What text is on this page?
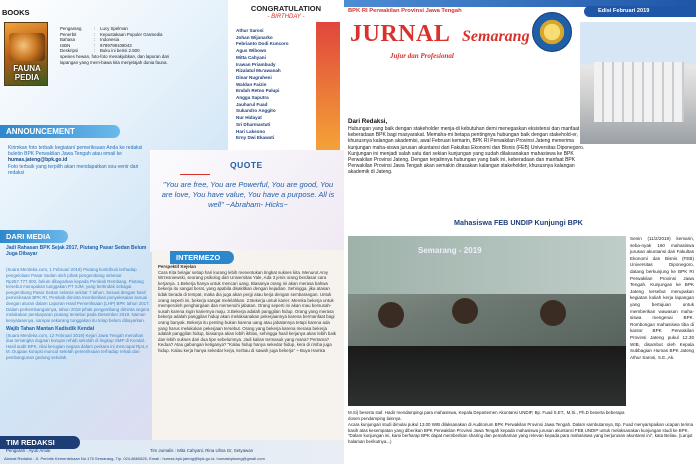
BOOKS
FAUNA PEDIA
Pengarang	:	Lucy Spelman
Penerbit	:	Kepustakaan Populer Gramedia
Bahasa	:	Indonesia
ISBN	:	9789799108043
Deskripsi	:	Buku ini berisi 2.500
spesies hewan, foto-foto menakjubkan, dan laporan dari lapangan yang mem-bawa kita menjelajah dunia fauna.
ANNOUNCEMENT
Kirimkan foto terbaik kegiatan/ pemeriksaan Anda ke redaksi buletin BPK Perwakilan Jawa Tengah atau email ke humas.jateng@bpk.go.id
Foto terbaik yang terpilih akan mendapatkan sou-venir dari redaksi
DARI MEDIA
Jadi Rahasan BPK Sejak 2017, Piutang Pasar Sedan Belum Juga Dibayar
(Suara Merdeka.com, 1 Februari 2019) Piutang kontribusi terhadap pengelolaan Pasar Sedan oleh pihak pengembang sebesar Rp257.777.000, belum dibayarkan kepada Pemkab Rembang. Piutang tersebut merupakan tunggakan PT SJM, yang bertindak sebagai pengembang Pasar Sedan selama sekitar 7 tahun. Sesuai dengan hasil pemeriksaan BPK RI, Pemkab diminta memberikan penyelesaian sesuai dengan aturan dalam Laporan Hasil Pemeriksaan (LHP) BPK tahun 2017. Dalam perkembangannya, tahun 2018 pihak pengembang diminta segera melakukan pembayaran piutang tersebut pada Desember 2018. Namun kenyataannya, sampai sekarang tunggakan itu tetap belum dibayarkan.
Wajib Tahan Mantan Kadisdik Kendal
(Suara Merdeka.com, 12 Februari 2019) Kejari Jawa Tengah menahan dua tersangka dugaan korupsi rehab sekolah di lingkup SMP di Kendal. Hasil audit BPK, nilai kerugian negara dalam perkara ini mencapai Rp4,4 M. Dugaan korupsi muncul setelah pemeriksaan terhadap rehab dan pembangunan gedung sekolah.
CONGRATULATION
- BIRTHDAY -
Athur Sarosi
Johan Wijanarko
Febrianto Dodi Kuncoro
Agus Wibowo
Mitta Cahyani
Irawan Priambudy
Rizalatul Mu'awanah
Dinar Nugraheni
Waldan Faizin
Endah Retno Palupi
Angga Saputra
Jauharul Fuad
Sukandro Anggito
Nur Hidayat
Sri Dharmastuti
Hari Laksono
Erny Dwi Ekawati
QUOTE
"You are free, You are Powerful, You are good, You are love, You have value, You have a purpose. All is well" ~Abraham- Hicks~
INTERMEZO
Perspektif Kejelan
Cara Kita belajar setiap hari kurang lebih menentukan tingkat sukses kita. Menurut Amy Wrzesniewski, seorang psikolog dari Universitas Yale, Ada 3 jenis orang berdasar cara kerjanya. 1.Bekerja hanya untuk mencari uang. Biasanya orang ini akan merasa bahwa bekerja itu sangat berat, yang apabila disakitkan dengan kejadian. Sehingga, jika atasan tidak berada di tempat, maka dia juga akan pergi atau kerja dengan sembarangan. Untuk orang seperti ini, bekerja sangat melelahkan. 2.Bekerja untuk karier. Mereka bekerja untuk memperoleh penghargaan dan memenuhi jabatan. Orang seperti ini akan mau bersusah-susah karena ingin kariernya maju. 3.Bekerja adalah panggilan hidup. Orang yang merasa bekerja adalah panggilan hidup akan melaksanakan pekerjaannya karena bermanfaat bagi orang banyak. Bekerja itu penting bukan karena uang atau jabatannya tetapi karena ada yang harus melakukan pekerjaan tersebut. Orang yang bekerja karena merasa bekerja adalah panggilan hidup, biasanya akan lebih ikhlas, sehingga hasil kerjanya akan lebih baik dan lebih sukses dari dua tipe sebelumnya. Jadi kalian termasuk yang mana? Pertama? Kedua? Atau gabungan ketiganya? "Kalau hidup hanya sekedar hidup, kera di rimba juga hidup. Kalau kerja hanya sekedar kerja, kerbau di sawah juga bekerja" ~ Buya Hamka
TIM REDAKSI
Pengarah : Ayub Amali	Tim Jurnalis : Mita Cahyani, Rina Ulina Gr, Setyawan
Alamat Redaksi : Jl. Perintis Kemerdekaan No.175 Semarang, Tlp. 024-8660825, Email : humas.bpk.jateng@bpk.go.id, humasbpksmg@gmail.com
BPK RI Perwakilan Provinsi Jawa Tengah	Edisi Februari 2019
JURNAL Semarang
Jujur dan Profesional
Dari Redaksi,
Hubungan yang baik dengan stakeholder menja-di kebutuhan demi menegaskan eksistensi dan manfaat keberadaan BPK bagi masyarakat. Memaha-mi betapa pentingnya hubungan baik dengan stakehold-er, khususnya kalangan akademisi, awal Februari kemarin, BPK RI Perwakilan Provinsi Jateng menerima kunjungan maha-siswa jurusan akuntansi dari Fakultas Ekonomi dan Bisnis (FEB) Universitas Diponegoro. Kunjungan ini menjadi salah satu dari sekian kunjungan yang sudah dilaksanakan mahasiswa ke BPK Perwakilan Provinsi Jateng. Dengan terjalinnya hubungan yang baik ini, keberadaan dan manfaat BPK Perwakilan Provinsi Jawa Tengah akan semakin dirasakan kalangan stakeholder, khususnya kalangan akademik di Jateng.
Mahasiswa FEB UNDIP Kunjungi BPK
Semarang - 2019
Senin (11/2/2019) kemarin, seba-nyak 160 mahasiswa jurusan akuntansi dari Fakultas Ekonomi dan Bisnis (FEB) Universitas Diponegoro, datang berkunjung ke BPK RI Perwakilan Provinsi Jawa Tengah. Kunjungan ke BPK Jateng tersebut merupakan kegiatan kuliah kerja lapangan yang bertujuan untuk memberikan wawasan maha-siswa mengenai BPK. Rombongan mahasiswa tiba di kantor BPK Perwakilan Provinsi Jateng pukul 12.30 WIB, disambut oleh Kepala Subbagian Humas BPK Jateng Athur Sarosi, S.E.,Ak.
M.Si) beserta staf. Hadir mendampingi para mahasiswa, Kepala Departemen Akuntansi UNDIP, Bp. Fuad S.ET., M.Si., Ph.D beserta beberapa dosen pendamping lainnya.
Acara kunjungan studi dimulai pukul 13.00 WIB dilaksanakan di Auditorium BPK Perwakilan Provinsi Jawa Tengah. Dalam sambutannya, Bp. Fuad menyampaikan ucapan terima kasih atas kesempatan yang diberikan BPK Perwakilan Provinsi Jawa Tengah kepada mahasiswa jurusan akuntansi FEB UNDIP untuk melaksanakan kunjungan studi ke BPK. "Dalam kunjungan ini, kami berharap BPK dapat memberikan sharing dan pemahaman yang relevan kepada para mahasiswa yang berjurusan akuntansi ini", kata Beliau. (Lanjut halaman berikutnya...)
